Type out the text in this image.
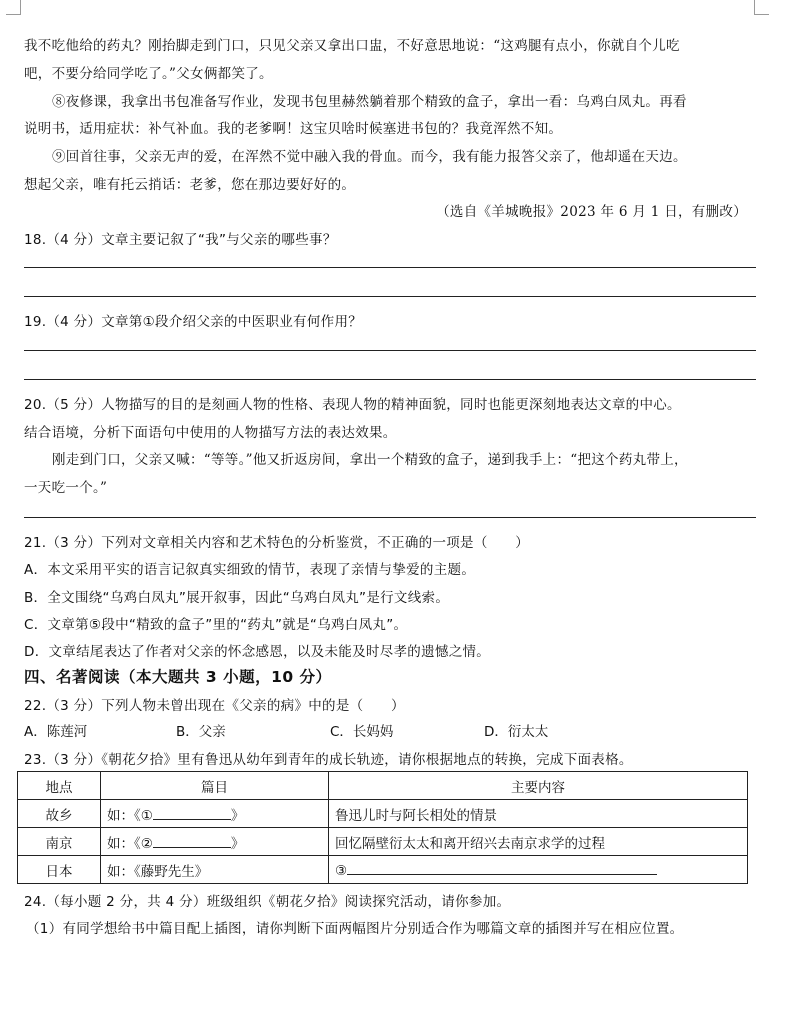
我不吃他给的药丸？刚抬脚走到门口，只见父亲又拿出口盅，不好意思地说：“这鸡腿有点小，你就自个儿吃
吧，不要分给同学吃了。”父女俩都笑了。
⑧夜修课，我拿出书包准备写作业，发现书包里赫然躺着那个精致的盒子，拿出一看：乌鸡白凤丸。再看
说明书，适用症状：补气补血。我的老爹啊！这宝贝啥时候塞进书包的？我竟浑然不知。
⑨回首往事，父亲无声的爱，在浑然不觉中融入我的骨血。而今，我有能力报答父亲了，他却遥在天边。
想起父亲，唯有托云捎话：老爹，您在那边要好好的。
（选自《羊城晚报》2023 年 6 月 1 日，有删改）
18.（4 分）文章主要记叙了“我”与父亲的哪些事？
19.（4 分）文章第①段介绍父亲的中医职业有何作用？
20.（5 分）人物描写的目的是刻画人物的性格、表现人物的精神面貌，同时也能更深刻地表达文章的中心。
结合语境，分析下面语句中使用的人物描写方法的表达效果。
刚走到门口，父亲又喊：“等等。”他又折返房间，拿出一个精致的盒子，递到我手上：“把这个药丸带上，
一天吃一个。”
21.（3 分）下列对文章相关内容和艺术特色的分析鉴赏，不正确的一项是（　　）
A．本文采用平实的语言记叙真实细致的情节，表现了亲情与挚爱的主题。
B．全文围绕“乌鸡白凤丸”展开叙事，因此“乌鸡白凤丸”是行文线索。
C．文章第⑤段中“精致的盒子”里的“药丸”就是“乌鸡白凤丸”。
D．文章结尾表达了作者对父亲的怀念感恩，以及未能及时尽孝的遗憾之情。
四、名著阅读（本大题共 3 小题，10 分）
22.（3 分）下列人物未曾出现在《父亲的病》中的是（　　）
A．陈莲河	B．父亲	C．长妈妈	D．衍太太
23.（3 分）《朝花夕拾》里有鲁迅从幼年到青年的成长轨迹，请你根据地点的转换，完成下面表格。
地点	篇目	主要内容
故乡	如：《① 》	鲁迅儿时与阿长相处的情景
南京	如：《② 》	回忆隔壁衍太太和离开绍兴去南京求学的过程
日本	如：《藤野先生》	③
24.（每小题 2 分，共 4 分）班级组织《朝花夕拾》阅读探究活动，请你参加。
（1）有同学想给书中篇目配上插图，请你判断下面两幅图片分别适合作为哪篇文章的插图并写在相应位置。
